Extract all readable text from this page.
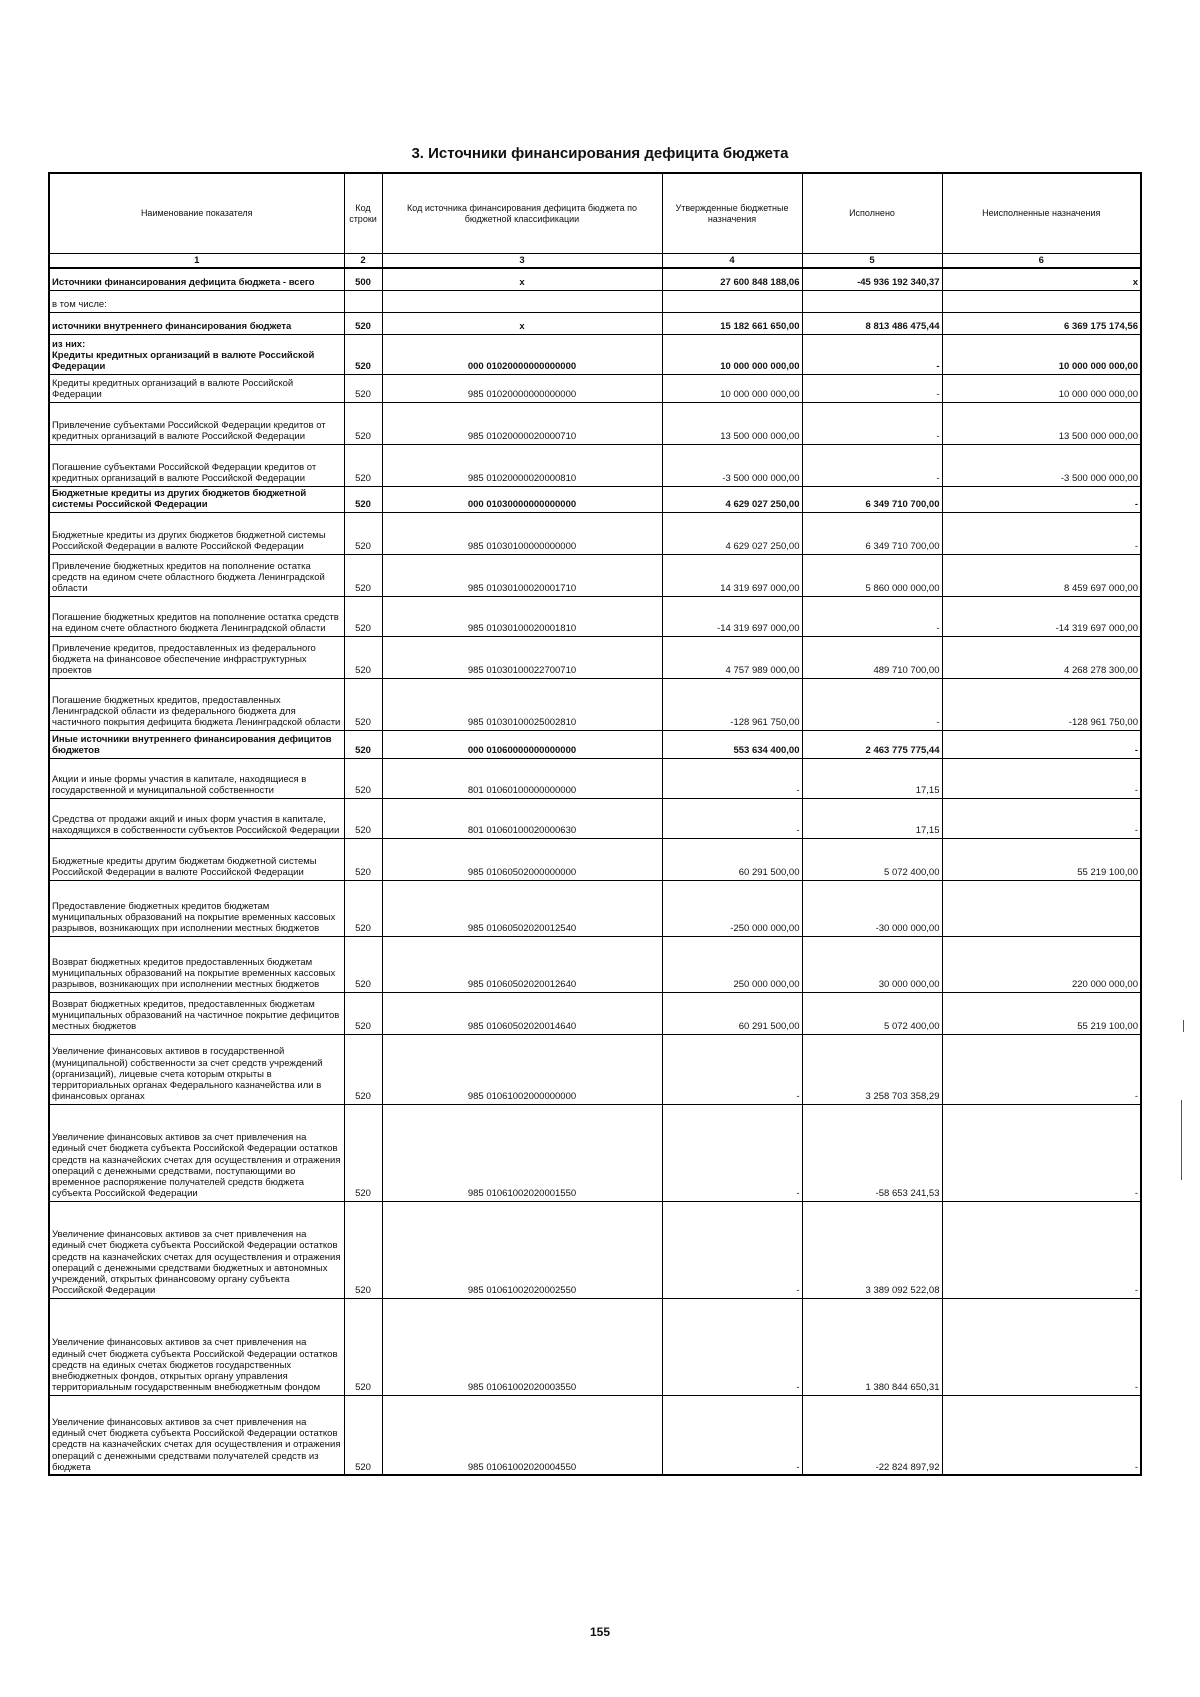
3. Источники финансирования дефицита бюджета
Наименование показателя	Код строки	Код источника финансирования дефицита бюджета по бюджетной классификации	Утвержденные бюджетные назначения	Исполнено	Неисполненные назначения
1	2	3	4	5	6
Источники финансирования дефицита бюджета - всего	500	x	27 600 848 188,06	-45 936 192 340,37	x
в том числе:					
источники внутреннего финансирования бюджета	520	x	15 182 661 650,00	8 813 486 475,44	6 369 175 174,56
из них:
Кредиты кредитных организаций в валюте Российской Федерации	520	000 01020000000000000	10 000 000 000,00	-	10 000 000 000,00
Кредиты кредитных организаций в валюте Российской Федерации	520	985 01020000000000000	10 000 000 000,00	-	10 000 000 000,00
Привлечение субъектами Российской Федерации кредитов от кредитных организаций в валюте Российской Федерации	520	985 01020000020000710	13 500 000 000,00	-	13 500 000 000,00
Погашение субъектами Российской Федерации кредитов от кредитных организаций в валюте Российской Федерации	520	985 01020000020000810	-3 500 000 000,00	-	-3 500 000 000,00
Бюджетные кредиты из других бюджетов бюджетной системы Российской Федерации	520	000 01030000000000000	4 629 027 250,00	6 349 710 700,00	-
Бюджетные кредиты из других бюджетов бюджетной системы Российской Федерации в валюте Российской Федерации	520	985 01030100000000000	4 629 027 250,00	6 349 710 700,00	-
Привлечение бюджетных кредитов на пополнение остатка средств на едином счете областного бюджета Ленинградской области	520	985 01030100020001710	14 319 697 000,00	5 860 000 000,00	8 459 697 000,00
Погашение бюджетных кредитов на пополнение остатка средств на едином счете областного бюджета Ленинградской области	520	985 01030100020001810	-14 319 697 000,00	-	-14 319 697 000,00
Привлечение кредитов, предоставленных из федерального бюджета на финансовое обеспечение инфраструктурных проектов	520	985 01030100022700710	4 757 989 000,00	489 710 700,00	4 268 278 300,00
Погашение бюджетных кредитов, предоставленных Ленинградской области из федерального бюджета для частичного покрытия дефицита бюджета Ленинградской области	520	985 01030100025002810	-128 961 750,00	-	-128 961 750,00
Иные источники внутреннего финансирования дефицитов бюджетов	520	000 01060000000000000	553 634 400,00	2 463 775 775,44	-
Акции и иные формы участия в капитале, находящиеся в государственной и муниципальной собственности	520	801 01060100000000000	-	17,15	-
Средства от продажи акций и иных форм участия в капитале, находящихся в собственности субъектов Российской Федерации	520	801 01060100020000630	-	17,15	-
Бюджетные кредиты другим бюджетам бюджетной системы Российской Федерации в валюте Российской Федерации	520	985 01060502000000000	60 291 500,00	5 072 400,00	55 219 100,00
Предоставление бюджетных кредитов бюджетам муниципальных образований на покрытие временных кассовых разрывов, возникающих при исполнении местных бюджетов	520	985 01060502020012540	-250 000 000,00	-30 000 000,00	
Возврат бюджетных кредитов предоставленных бюджетам муниципальных образований на покрытие временных кассовых разрывов, возникающих при исполнении местных бюджетов	520	985 01060502020012640	250 000 000,00	30 000 000,00	220 000 000,00
Возврат бюджетных кредитов, предоставленных бюджетам муниципальных образований на частичное покрытие дефицитов местных бюджетов	520	985 01060502020014640	60 291 500,00	5 072 400,00	55 219 100,00
Увеличение финансовых активов в государственной (муниципальной) собственности за счет средств учреждений (организаций), лицевые счета которым открыты в территориальных органах Федерального казначейства или в финансовых органах	520	985 01061002000000000	-	3 258 703 358,29	-
Увеличение финансовых активов за счет привлечения на единый счет бюджета субъекта Российской Федерации остатков средств на казначейских счетах для осуществления и отражения операций с денежными средствами, поступающими во временное распоряжение получателей средств бюджета субъекта Российской Федерации	520	985 01061002020001550	-	-58 653 241,53	-
Увеличение финансовых активов за счет привлечения на единый счет бюджета субъекта Российской Федерации остатков средств на казначейских счетах для осуществления и отражения операций с денежными средствами бюджетных и автономных учреждений, открытых финансовому органу субъекта Российской Федерации	520	985 01061002020002550	-	3 389 092 522,08	-
Увеличение финансовых активов за счет привлечения на единый счет бюджета субъекта Российской Федерации остатков средств на единых счетах бюджетов государственных внебюджетных фондов, открытых органу управления территориальным государственным внебюджетным фондом	520	985 01061002020003550	-	1 380 844 650,31	-
Увеличение финансовых активов за счет привлечения на единый счет бюджета субъекта Российской Федерации остатков средств на казначейских счетах для осуществления и отражения операций с денежными средствами получателей средств из бюджета	520	985 01061002020004550	-	-22 824 897,92	-
155
